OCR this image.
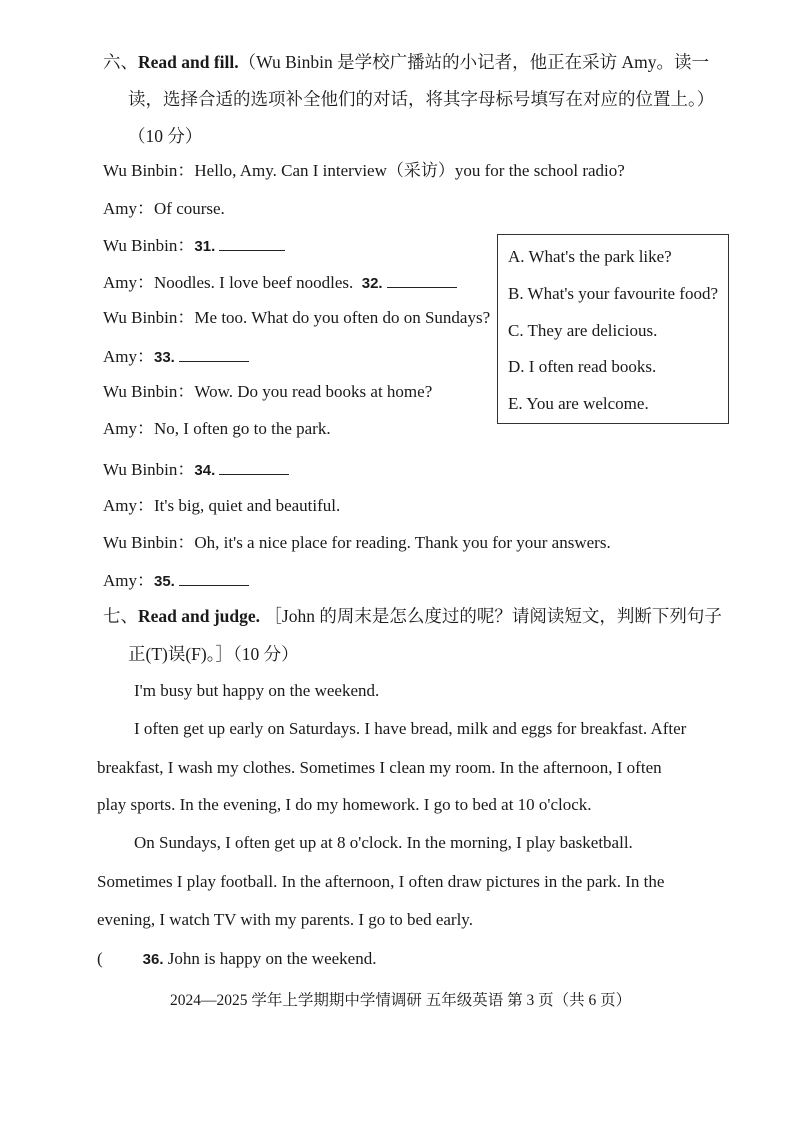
六、Read and fill.（Wu Binbin 是学校广播站的小记者，他正在采访 Amy。读一
读，选择合适的选项补全他们的对话，将其字母标号填写在对应的位置上。）
（10 分）
Wu Binbin：Hello, Amy. Can I interview（采访）you for the school radio?
Amy：Of course.
Wu Binbin：31.
Amy：Noodles. I love beef noodles. 32.
Wu Binbin：Me too. What do you often do on Sundays?
Amy：33.
Wu Binbin：Wow. Do you read books at home?
Amy：No, I often go to the park.
Wu Binbin：34.
Amy：It's big, quiet and beautiful.
Wu Binbin：Oh, it's a nice place for reading. Thank you for your answers.
Amy：35.
A. What's the park like?
B. What's your favourite food?
C. They are delicious.
D. I often read books.
E. You are welcome.
七、Read and judge. ［John 的周末是怎么度过的呢？请阅读短文，判断下列句子
正(T)误(F)。］（10 分）
I'm busy but happy on the weekend.
I often get up early on Saturdays. I have bread, milk and eggs for breakfast. After
breakfast, I wash my clothes. Sometimes I clean my room. In the afternoon, I often
play sports. In the evening, I do my homework. I go to bed at 10 o'clock.
On Sundays, I often get up at 8 o'clock. In the morning, I play basketball.
Sometimes I play football. In the afternoon, I often draw pictures in the park. In the
evening, I watch TV with my parents. I go to bed early.
(	36. John is happy on the weekend.
2024—2025 学年上学期期中学情调研 五年级英语 第 3 页（共 6 页）
